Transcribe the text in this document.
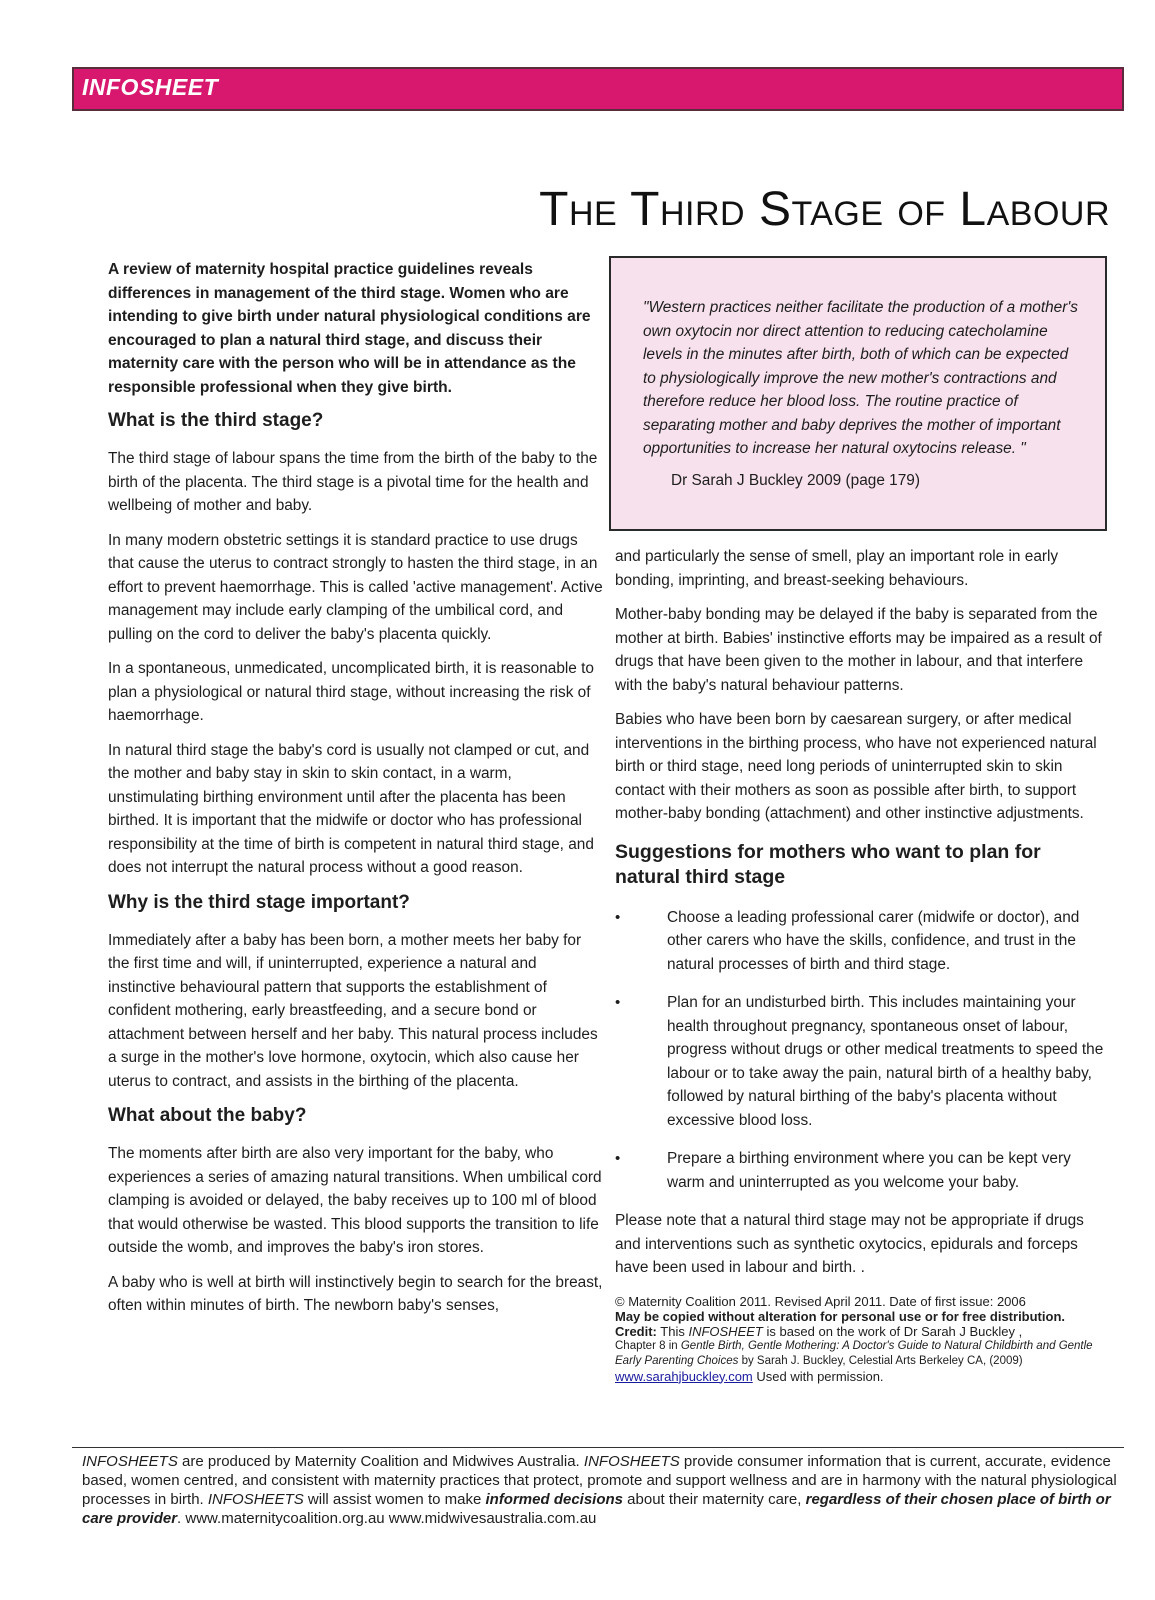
INFOSHEET
The Third Stage of Labour

"Western practices neither facilitate the production of a mother's own oxytocin nor direct attention to reducing catecholamine levels in the minutes after birth, both of which can be expected to physiologically improve the new mother's contractions and therefore reduce her blood loss. The routine practice of separating mother and baby deprives the mother of important opportunities to increase her natural oxytocins release. "

Dr Sarah J Buckley 2009 (page 179)

A review of maternity hospital practice guidelines reveals differences in management of the third stage. Women who are intending to give birth under natural physiological conditions are encouraged to plan a natural third stage, and discuss their maternity care with the person who will be in attendance as the responsible professional when they give birth.

What is the third stage?

The third stage of labour spans the time from the birth of the baby to the birth of the placenta. The third stage is a pivotal time for the health and wellbeing of mother and baby.

In many modern obstetric settings it is standard practice to use drugs that cause the uterus to contract strongly to hasten the third stage, in an effort to prevent haemorrhage. This is called 'active management'. Active management may include early clamping of the umbilical cord, and pulling on the cord to deliver the baby's placenta quickly.

In a spontaneous, unmedicated, uncomplicated birth, it is reasonable to plan a physiological or natural third stage, without increasing the risk of haemorrhage.

In natural third stage the baby's cord is usually not clamped or cut, and the mother and baby stay in skin to skin contact, in a warm, unstimulating birthing environment until after the placenta has been birthed. It is important that the midwife or doctor who has professional responsibility at the time of birth is competent in natural third stage, and does not interrupt the natural process without a good reason.

Why is the third stage important?

Immediately after a baby has been born, a mother meets her baby for the first time and will, if uninterrupted, experience a natural and instinctive behavioural pattern that supports the establishment of confident mothering, early breastfeeding, and a secure bond or attachment between herself and her baby. This natural process includes a surge in the mother's love hormone, oxytocin, which also cause her uterus to contract, and assists in the birthing of the placenta.

What about the baby?

The moments after birth are also very important for the baby, who experiences a series of amazing natural transitions. When umbilical cord clamping is avoided or delayed, the baby receives up to 100 ml of blood that would otherwise be wasted. This blood supports the transition to life outside the womb, and improves the baby's iron stores.

A baby who is well at birth will instinctively begin to search for the breast, often within minutes of birth. The newborn baby's senses,

and particularly the sense of smell, play an important role in early bonding, imprinting, and breast-seeking behaviours.

Mother-baby bonding may be delayed if the baby is separated from the mother at birth. Babies' instinctive efforts may be impaired as a result of drugs that have been given to the mother in labour, and that interfere with the baby's natural behaviour patterns.

Babies who have been born by caesarean surgery, or after medical interventions in the birthing process, who have not experienced natural birth or third stage, need long periods of uninterrupted skin to skin contact with their mothers as soon as possible after birth, to support mother-baby bonding (attachment) and other instinctive adjustments.

Suggestions for mothers who want to plan for natural third stage
•	Choose a leading professional carer (midwife or doctor), and other carers who have the skills, confidence, and trust in the natural processes of birth and third stage.
•	Plan for an undisturbed birth. This includes maintaining your health throughout pregnancy, spontaneous onset of labour, progress without drugs or other medical treatments to speed the labour or to take away the pain, natural birth of a healthy baby, followed by natural birthing of the baby's placenta without excessive blood loss.
•	Prepare a birthing environment where you can be kept very warm and uninterrupted as you welcome your baby.

Please note that a natural third stage may not be appropriate if drugs and interventions such as synthetic oxytocics, epidurals and forceps have been used in labour and birth. .

© Maternity Coalition 2011. Revised April 2011. Date of first issue: 2006
May be copied without alteration for personal use or for free distribution.
Credit: This INFOSHEET is based on the work of Dr Sarah J Buckley ,
Chapter 8 in Gentle Birth, Gentle Mothering: A Doctor's Guide to Natural Childbirth and Gentle Early Parenting Choices by Sarah J. Buckley, Celestial Arts Berkeley CA, (2009) www.sarahjbuckley.com Used with permission.
INFOSHEETS are produced by Maternity Coalition and Midwives Australia. INFOSHEETS provide consumer information that is current, accurate, evidence based, women centred, and consistent with maternity practices that protect, promote and support wellness and are in harmony with the natural physiological processes in birth. INFOSHEETS will assist women to make informed decisions about their maternity care, regardless of their chosen place of birth or care provider. www.maternitycoalition.org.au www.midwivesaustralia.com.au
